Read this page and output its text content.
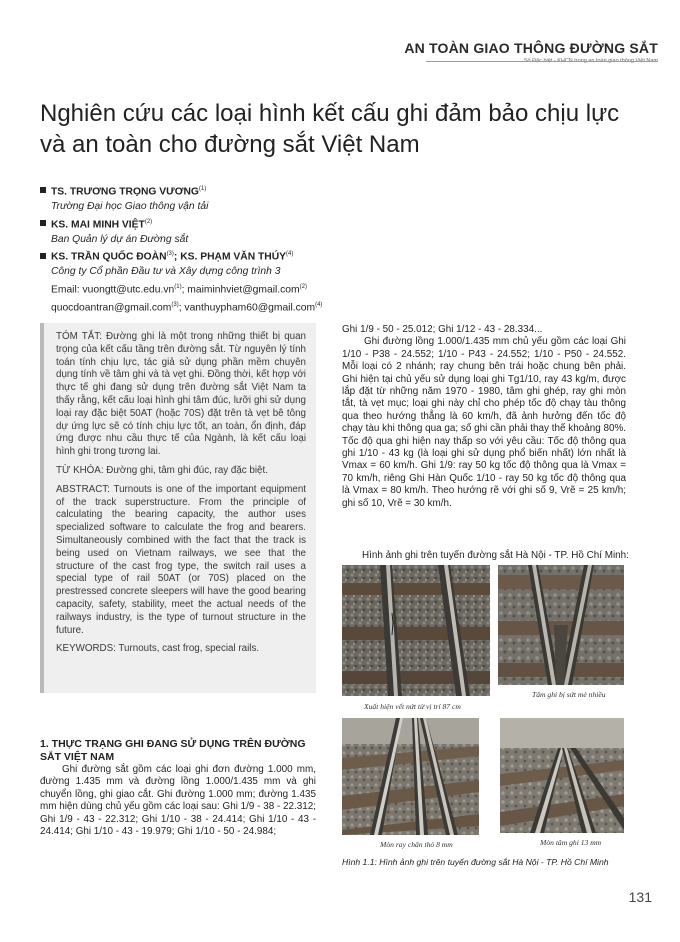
AN TOÀN GIAO THÔNG ĐƯỜNG SẮT
Nghiên cứu các loại hình kết cấu ghi đảm bảo chịu lực
và an toàn cho đường sắt Việt Nam
TS. TRƯƠNG TRỌNG VƯƠNG$^{(1)}$
Trường Đại học Giao thông vận tải
KS. MAI MINH VIỆT$^{(2)}$
Ban Quản lý dự án Đường sắt
KS. TRẦN QUỐC ĐOÀN$^{(3)}$; KS. PHẠM VĂN THÚY$^{(4)}$
Công ty Cổ phần Đầu tư và Xây dựng công trình 3
Email: $vuongtt@utc.edu.vn^{(1)}$; maiminhviet@gmail.com$^{(2)}$
quocdoantran@gmail.com$^{(3)}$; vanthuypham60@gmail.com$^{(4)}$

TÓM TẮT: Đường ghi là một trong những thiết bị quan trọng của kết cấu tầng trên đường sắt. Từ nguyên lý tính toán tính chịu lực, tác giả sử dụng phần mềm chuyên dụng tính về tâm ghi và tà vẹt ghi. Đồng thời, kết hợp với thực tế ghi đang sử dụng trên đường sắt Việt Nam ta thấy rằng, kết cấu loại hình ghi tâm đúc, lưỡi ghi sử dụng loại ray đặc biệt 50AT (hoặc 70S) đặt trên tà vẹt bê tông dự ứng lực sẽ có tính chịu lực tốt, an toàn, ổn định, đáp ứng được nhu cầu thực tế của Ngành, là kết cấu loại hình ghi trong tương lai.

TỪ KHÓA: Đường ghi, tâm ghi đúc, ray đặc biệt.

ABSTRACT: Turnouts is one of the important equipment of the track superstructure. From the principle of calculating the bearing capacity, the author uses specialized software to calculate the frog and bearers. Simultaneously combined with the fact that the track is being used on Vietnam railways, we see that the structure of the cast frog type, the switch rail uses a special type of rail 50AT (or 70S) placed on the prestressed concrete sleepers will have the good bearing capacity, safety, stability, meet the actual needs of the railways industry, is the type of turnout structure in the future.

KEYWORDS: Turnouts, cast frog, special rails.

1. THỰC TRẠNG GHI ĐANG SỬ DỤNG TRÊN ĐƯỜNG SẮT VIỆT NAM
Ghi đường sắt gồm các loại ghi đơn đường 1.000 mm, đường 1.435 mm và đường lồng 1.000/1.435 mm và ghi chuyển lồng, ghi giao cắt. Ghi đường 1.000 mm; đường 1.435 mm hiện dùng chủ yếu gồm các loại sau: Ghi 1/9 - 38 - 22.312; Ghi 1/9 - 43 - 22.312; Ghi 1/10 - 38 - 24.414; Ghi 1/10 - 43 - 24.414; Ghi 1/10 - 43 - 19.979; Ghi 1/10 - 50 - 24.984;

Ghi 1/9 - 50 - 25.012; Ghi 1/12 - 43 - 28.334...

Ghi đường lồng 1.000/1.435 mm chủ yếu gồm các loại Ghi 1/10 - P38 - 24.552; 1/10 - P43 - 24.552; 1/10 - P50 - 24.552. Mỗi loại có 2 nhánh; ray chung bên trái hoặc chung bên phải. Ghi hiện tại chủ yếu sử dụng loại ghi Tg1/10, ray 43 kg/m, được lắp đặt từ những năm 1970 - 1980, tâm ghi ghép, ray ghi mòn tắt, tà vẹt mục; loại ghi này chỉ cho phép tốc độ chạy tàu thông qua theo hướng thẳng là 60 km/h, đã ảnh hưởng đến tốc độ chạy tàu khi thông qua ga; số ghi cần phải thay thế khoảng 80%. Tốc độ qua ghi hiện nay thấp so với yêu cầu: Tốc độ thông qua ghi 1/10 - 43 kg (là loại ghi sử dụng phổ biến nhất) lớn nhất là Vmax = 60 km/h. Ghi 1/9: ray 50 kg tốc độ thông qua là Vmax = 70 km/h, riêng Ghi Hàn Quốc 1/10 - ray 50 kg tốc độ thông qua là Vmax = 80 km/h. Theo hướng rẽ với ghi số 9, Vrẽ = 25 km/h; ghi số 10, Vrẽ = 30 km/h.

Hình ảnh ghi trên tuyến đường sắt Hà Nội - TP. Hồ Chí Minh:
Xuất hiện vết nứt từ vị trí 87 cm
Tâm ghi bị sứt mẻ nhiều
Mòn ray chân thỏ 8 mm	Mòn tâm ghi 13 mm
Hình 1.1: Hình ảnh ghi trên tuyến đường sắt Hà Nội - TP. Hồ Chí Minh
131
